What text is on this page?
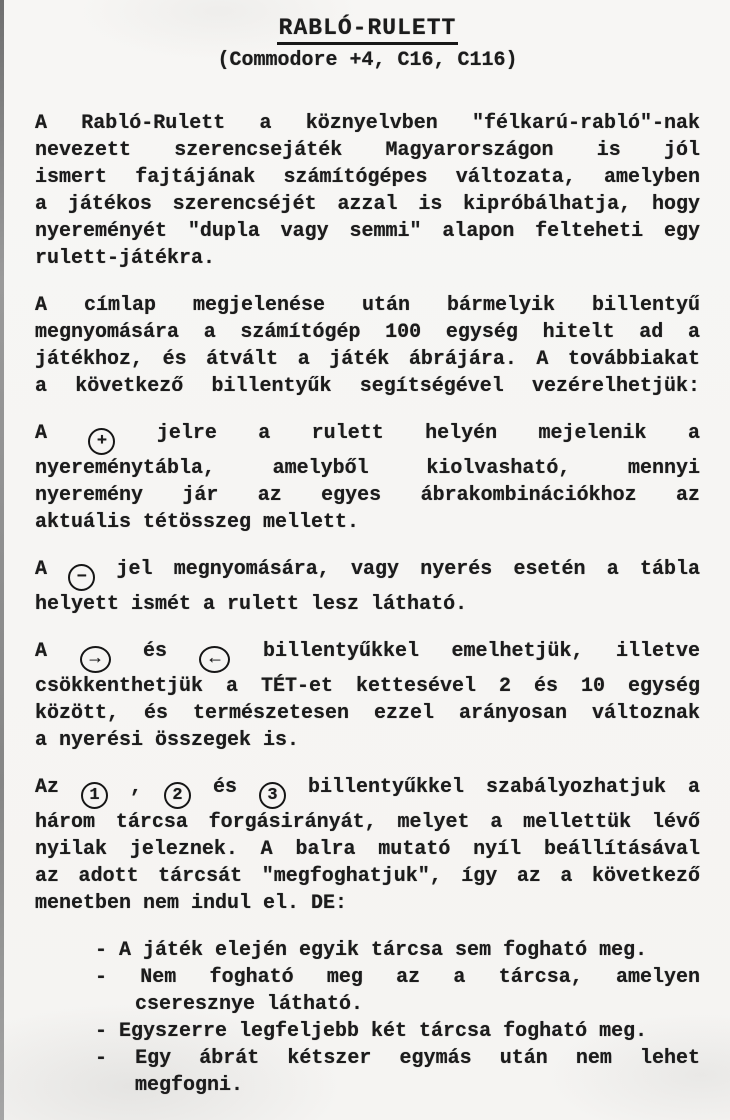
RABLÓ-RULETT
(Commodore +4, C16, C116)
A Rabló-Rulett a köznyelvben "félkarú-rabló"-nak
nevezett szerencsejáték Magyarországon is jól
ismert fajtájának számítógépes változata, amelyben
a játékos szerencséjét azzal is kipróbálhatja, hogy
nyereményét "dupla vagy semmi" alapon felteheti egy
rulett-játékra.
A címlap megjelenése után bármelyik billentyű
megnyomására a számítógép 100 egység hitelt ad a
játékhoz, és átvált a játék ábrájára. A továbbiakat
a következő billentyűk segítségével vezérelhetjük:
A + jelre a rulett helyén mejelenik a
nyereménytábla, amelyből kiolvasható, mennyi
nyeremény jár az egyes ábrakombinációkhoz az
aktuális tétösszeg mellett.
A − jel megnyomására, vagy nyerés esetén a tábla
helyett ismét a rulett lesz látható.
A → és ← billentyűkkel emelhetjük, illetve
csökkenthetjük a TÉT-et kettesével 2 és 10 egység
között, és természetesen ezzel arányosan változnak
a nyerési összegek is.
Az 1 , 2 és 3 billentyűkkel szabályozhatjuk a
három tárcsa forgásirányát, melyet a mellettük lévő
nyilak jeleznek. A balra mutató nyíl beállításával
az adott tárcsát "megfoghatjuk", így az a következő
menetben nem indul el. DE:
- A játék elején egyik tárcsa sem fogható meg.
- Nem fogható meg az a tárcsa, amelyen
cseresznye látható.
- Egyszerre legfeljebb két tárcsa fogható meg.
- Egy ábrát kétszer egymás után nem lehet
megfogni.
